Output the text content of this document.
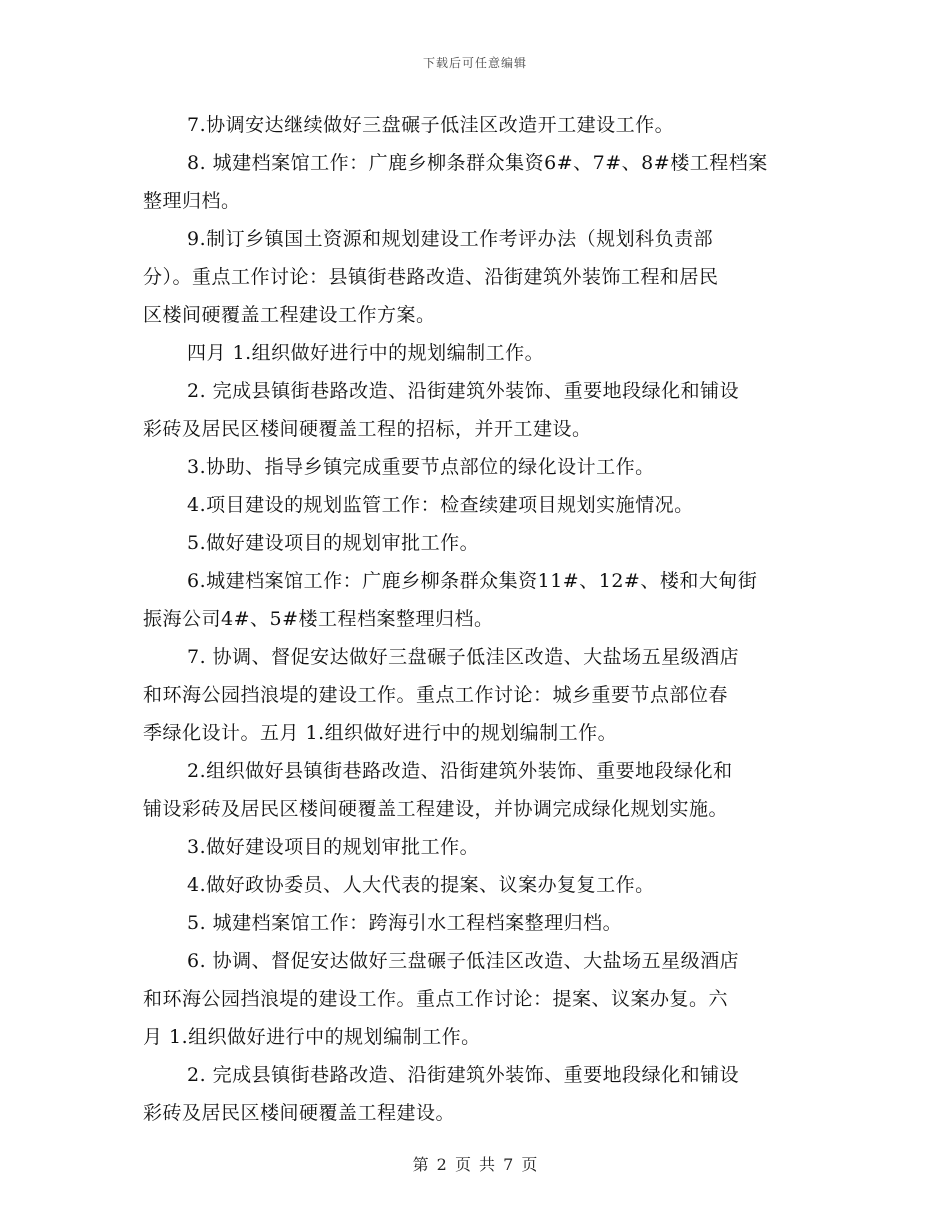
下载后可任意编辑
7.协调安达继续做好三盘碾子低洼区改造开工建设工作。
8. 城建档案馆工作：广鹿乡柳条群众集资6#、7#、8#楼工程档案
整理归档。
9.制订乡镇国土资源和规划建设工作考评办法（规划科负责部
分）。重点工作讨论：县镇街巷路改造、沿街建筑外装饰工程和居民
区楼间硬覆盖工程建设工作方案。
四月 1.组织做好进行中的规划编制工作。
2. 完成县镇街巷路改造、沿街建筑外装饰、重要地段绿化和铺设
彩砖及居民区楼间硬覆盖工程的招标，并开工建设。
3.协助、指导乡镇完成重要节点部位的绿化设计工作。
4.项目建设的规划监管工作：检查续建项目规划实施情况。
5.做好建设项目的规划审批工作。
6.城建档案馆工作：广鹿乡柳条群众集资11#、12#、楼和大甸街
振海公司4#、5#楼工程档案整理归档。
7. 协调、督促安达做好三盘碾子低洼区改造、大盐场五星级酒店
和环海公园挡浪堤的建设工作。重点工作讨论：城乡重要节点部位春
季绿化设计。五月 1.组织做好进行中的规划编制工作。
2.组织做好县镇街巷路改造、沿街建筑外装饰、重要地段绿化和
铺设彩砖及居民区楼间硬覆盖工程建设，并协调完成绿化规划实施。
3.做好建设项目的规划审批工作。
4.做好政协委员、人大代表的提案、议案办复复工作。
5. 城建档案馆工作：跨海引水工程档案整理归档。
6. 协调、督促安达做好三盘碾子低洼区改造、大盐场五星级酒店
和环海公园挡浪堤的建设工作。重点工作讨论：提案、议案办复。六
月 1.组织做好进行中的规划编制工作。
2. 完成县镇街巷路改造、沿街建筑外装饰、重要地段绿化和铺设
彩砖及居民区楼间硬覆盖工程建设。
第 2 页 共 7 页
